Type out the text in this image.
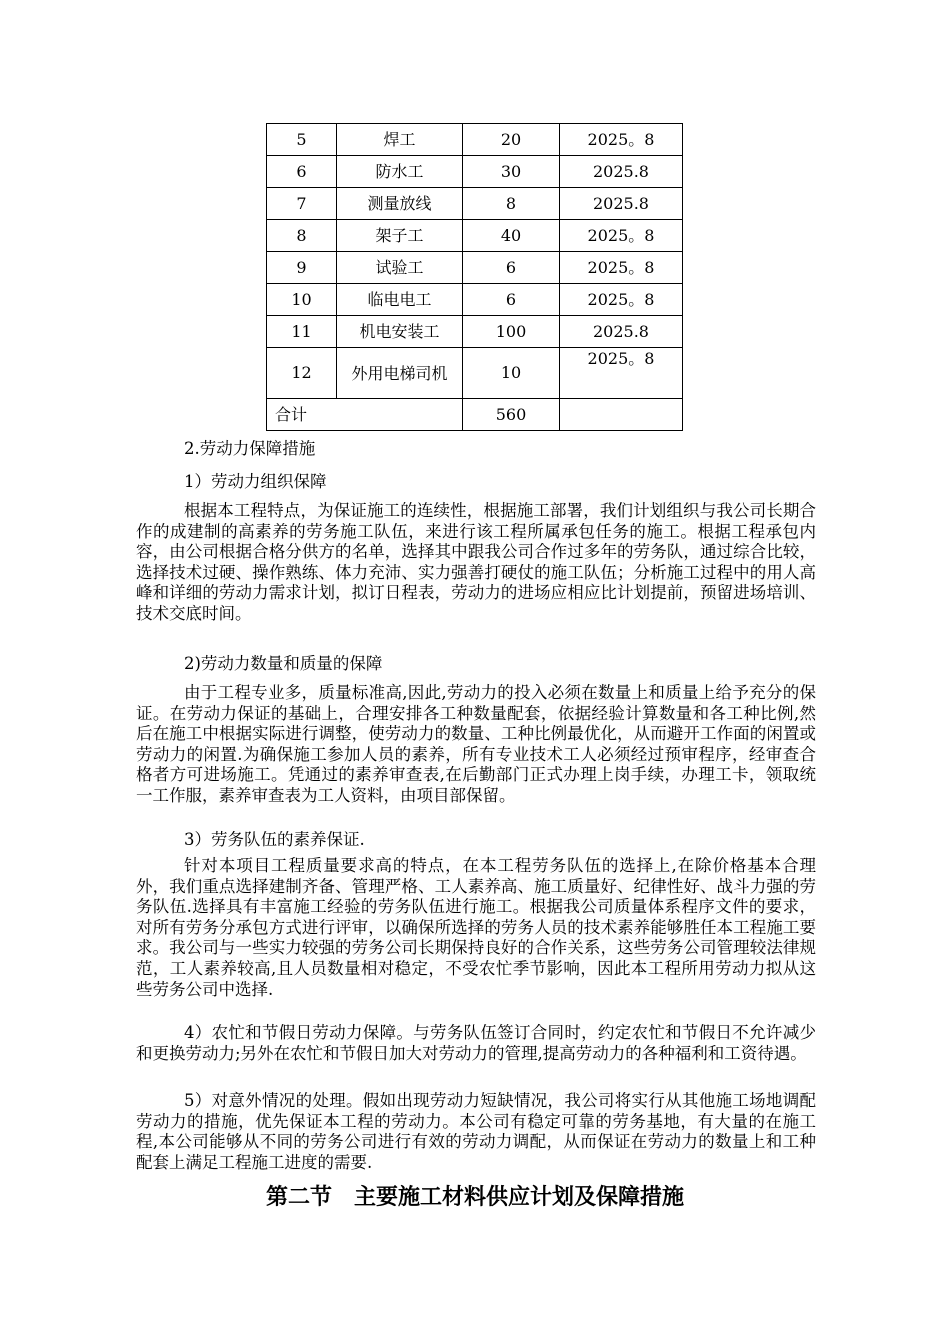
5	焊工	20	2025。8
6	防水工	30	2025.8
7	测量放线	8	2025.8
8	架子工	40	2025。8
9	试验工	6	2025。8
10	临电电工	6	2025。8
11	机电安装工	100	2025.8
12	外用电梯司机	10	2025。8
合计		560	
2.劳动力保障措施
1）劳动力组织保障
根据本工程特点，为保证施工的连续性，根据施工部署，我们计划组织与我公司长期合作的成建制的高素养的劳务施工队伍，来进行该工程所属承包任务的施工。根据工程承包内容，由公司根据合格分供方的名单，选择其中跟我公司合作过多年的劳务队，通过综合比较，选择技术过硬、操作熟练、体力充沛、实力强善打硬仗的施工队伍；分析施工过程中的用人高峰和详细的劳动力需求计划，拟订日程表，劳动力的进场应相应比计划提前，预留进场培训、技术交底时间。
2)劳动力数量和质量的保障
由于工程专业多，质量标准高,因此,劳动力的投入必须在数量上和质量上给予充分的保证。在劳动力保证的基础上，合理安排各工种数量配套，依据经验计算数量和各工种比例,然后在施工中根据实际进行调整，使劳动力的数量、工种比例最优化，从而避开工作面的闲置或劳动力的闲置.为确保施工参加人员的素养，所有专业技术工人必须经过预审程序，经审查合格者方可进场施工。凭通过的素养审查表,在后勤部门正式办理上岗手续，办理工卡，领取统一工作服，素养审查表为工人资料，由项目部保留。
3）劳务队伍的素养保证.
针对本项目工程质量要求高的特点，在本工程劳务队伍的选择上,在除价格基本合理外，我们重点选择建制齐备、管理严格、工人素养高、施工质量好、纪律性好、战斗力强的劳务队伍.选择具有丰富施工经验的劳务队伍进行施工。根据我公司质量体系程序文件的要求，对所有劳务分承包方式进行评审，以确保所选择的劳务人员的技术素养能够胜任本工程施工要求。我公司与一些实力较强的劳务公司长期保持良好的合作关系，这些劳务公司管理较法律规范，工人素养较高,且人员数量相对稳定，不受农忙季节影响，因此本工程所用劳动力拟从这些劳务公司中选择.
4）农忙和节假日劳动力保障。与劳务队伍签订合同时，约定农忙和节假日不允许减少和更换劳动力;另外在农忙和节假日加大对劳动力的管理,提高劳动力的各种福利和工资待遇。
5）对意外情况的处理。假如出现劳动力短缺情况，我公司将实行从其他施工场地调配劳动力的措施，优先保证本工程的劳动力。本公司有稳定可靠的劳务基地，有大量的在施工程,本公司能够从不同的劳务公司进行有效的劳动力调配，从而保证在劳动力的数量上和工种配套上满足工程施工进度的需要.
第二节　主要施工材料供应计划及保障措施
